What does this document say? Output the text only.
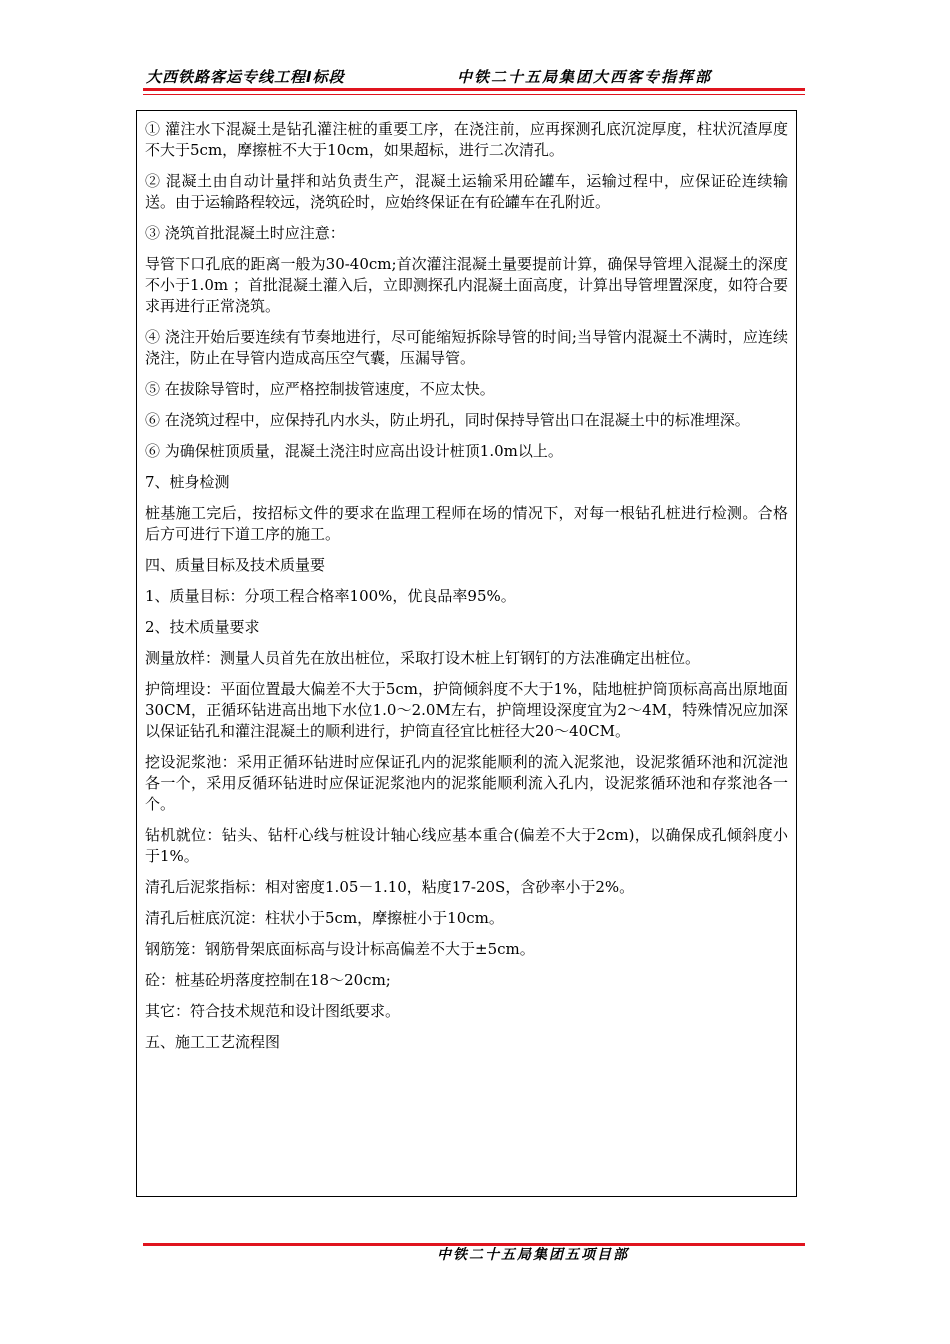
大西铁路客运专线工程Ⅰ标段	中铁二十五局集团大西客专指挥部

① 灌注水下混凝土是钻孔灌注桩的重要工序，在浇注前，应再探测孔底沉淀厚度，柱状沉渣厚度不大于5cm，摩擦桩不大于10cm，如果超标，进行二次清孔。

② 混凝土由自动计量拌和站负责生产，混凝土运输采用砼罐车，运输过程中，应保证砼连续输送。由于运输路程较远，浇筑砼时，应始终保证在有砼罐车在孔附近。

③ 浇筑首批混凝土时应注意：

导管下口孔底的距离一般为30-40cm;首次灌注混凝土量要提前计算，确保导管埋入混凝土的深度不小于1.0m ；首批混凝土灌入后，立即测探孔内混凝土面高度，计算出导管埋置深度，如符合要求再进行正常浇筑。

④ 浇注开始后要连续有节奏地进行，尽可能缩短拆除导管的时间;当导管内混凝土不满时，应连续浇注，防止在导管内造成高压空气囊，压漏导管。

⑤ 在拔除导管时，应严格控制拔管速度，不应太快。

⑥ 在浇筑过程中，应保持孔内水头，防止坍孔，同时保持导管出口在混凝土中的标准埋深。

⑥ 为确保桩顶质量，混凝土浇注时应高出设计桩顶1.0m以上。

7、桩身检测

桩基施工完后，按招标文件的要求在监理工程师在场的情况下，对每一根钻孔桩进行检测。合格后方可进行下道工序的施工。

四、质量目标及技术质量要

1、质量目标：分项工程合格率100%，优良品率95%。

2、技术质量要求

测量放样：测量人员首先在放出桩位，采取打设木桩上钉钢钉的方法准确定出桩位。

护筒埋设：平面位置最大偏差不大于5cm，护筒倾斜度不大于1%，陆地桩护筒顶标高高出原地面30CM，正循环钻进高出地下水位1.0～2.0M左右，护筒埋设深度宜为2～4M，特殊情况应加深以保证钻孔和灌注混凝土的顺利进行，护筒直径宜比桩径大20～40CM。

挖设泥浆池：采用正循环钻进时应保证孔内的泥浆能顺利的流入泥浆池，设泥浆循环池和沉淀池各一个，采用反循环钻进时应保证泥浆池内的泥浆能顺利流入孔内，设泥浆循环池和存浆池各一个。

钻机就位：钻头、钻杆心线与桩设计轴心线应基本重合(偏差不大于2cm)，以确保成孔倾斜度小于1%。

清孔后泥浆指标：相对密度1.05－1.10，粘度17-20S，含砂率小于2%。

清孔后桩底沉淀：柱状小于5cm，摩擦桩小于10cm。

钢筋笼：钢筋骨架底面标高与设计标高偏差不大于±5cm。

砼：桩基砼坍落度控制在18～20cm;

其它：符合技术规范和设计图纸要求。

五、施工工艺流程图

中铁二十五局集团五项目部
